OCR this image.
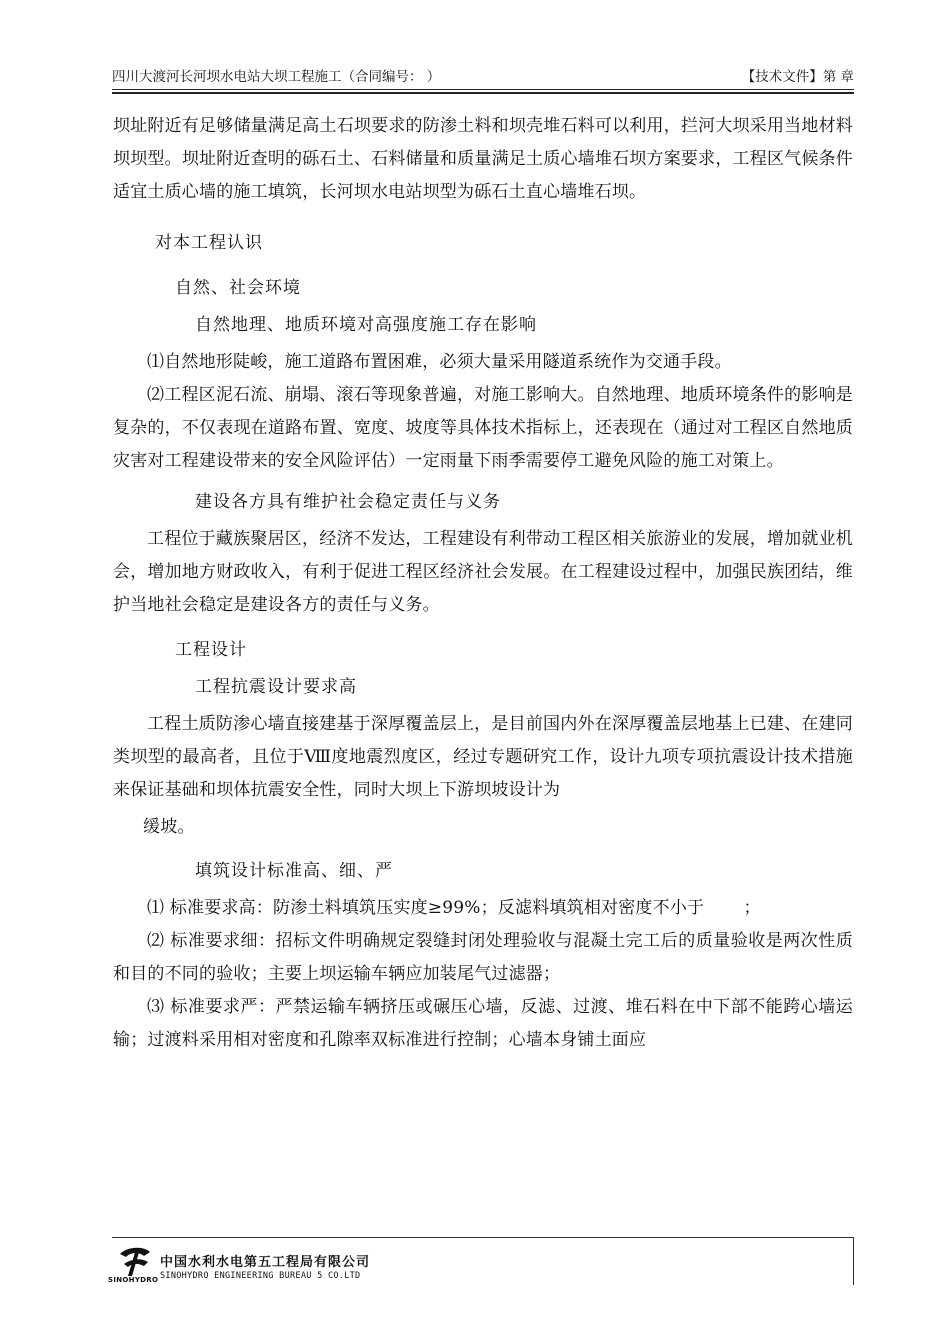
四川大渡河长河坝水电站大坝工程施工（合同编号： ）	【技术文件】第 章

坝址附近有足够储量满足高土石坝要求的防渗土料和坝壳堆石料可以利用，拦河大坝采用当地材料坝坝型。坝址附近查明的砾石土、石料储量和质量满足土质心墙堆石坝方案要求，工程区气候条件适宜土质心墙的施工填筑，长河坝水电站坝型为砾石土直心墙堆石坝。

对本工程认识

自然、社会环境

自然地理、地质环境对高强度施工存在影响

⑴自然地形陡峻，施工道路布置困难，必须大量采用隧道系统作为交通手段。

⑵工程区泥石流、崩塌、滚石等现象普遍，对施工影响大。自然地理、地质环境条件的影响是复杂的，不仅表现在道路布置、宽度、坡度等具体技术指标上，还表现在（通过对工程区自然地质灾害对工程建设带来的安全风险评估）一定雨量下雨季需要停工避免风险的施工对策上。

建设各方具有维护社会稳定责任与义务

工程位于藏族聚居区，经济不发达，工程建设有利带动工程区相关旅游业的发展，增加就业机会，增加地方财政收入，有利于促进工程区经济社会发展。在工程建设过程中，加强民族团结，维护当地社会稳定是建设各方的责任与义务。

工程设计

工程抗震设计要求高

工程土质防渗心墙直接建基于深厚覆盖层上，是目前国内外在深厚覆盖层地基上已建、在建同类坝型的最高者，且位于Ⅷ度地震烈度区，经过专题研究工作，设计九项专项抗震设计技术措施来保证基础和坝体抗震安全性，同时大坝上下游坝坡设计为

缓坡。

填筑设计标准高、细、严

⑴ 标准要求高：防渗土料填筑压实度≥99%；反滤料填筑相对密度不小于       ；

⑵ 标准要求细：招标文件明确规定裂缝封闭处理验收与混凝土完工后的质量验收是两次性质和目的不同的验收；主要上坝运输车辆应加装尾气过滤器；

⑶ 标准要求严：严禁运输车辆挤压或碾压心墙，反滤、过渡、堆石料在中下部不能跨心墙运输；过渡料采用相对密度和孔隙率双标准进行控制；心墙本身铺土面应

SINOHYDRO
中国水利水电第五工程局有限公司
SINOHYDRO ENGINEERING BUREAU 5 CO.LTD
